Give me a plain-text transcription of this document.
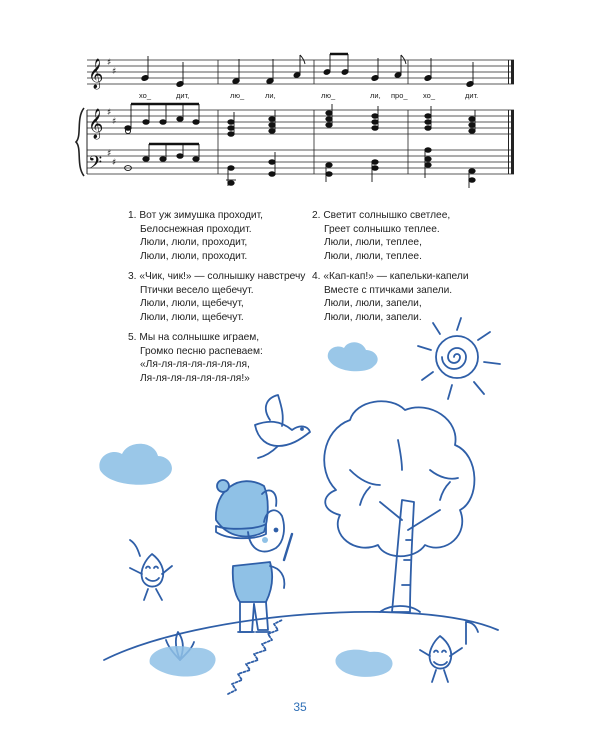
𝄞
𝄞
𝄢
♯
♯
♯
♯
♯
♯
хо_	дит,	лю_	ли,	лю_	ли, про_ хо_	дит.
1. Вот уж зимушка проходит,
Белоснежная проходит.
Люли, люли, проходит,
Люли, люли, проходит.
2. Светит солнышко светлее,
Греет солнышко теплее.
Люли, люли, теплее,
Люли, люли, теплее.
3. «Чик, чик!» — солнышку навстречу
Птички весело щебечут.
Люли, люли, щебечут,
Люли, люли, щебечут.
4. «Кап-кап!» — капельки-капели
Вместе с птичками запели.
Люли, люли, запели,
Люли, люли, запели.
5. Мы на солнышке играем,
Громко песню распеваем:
«Ля-ля-ля-ля-ля-ля-ля,
Ля-ля-ля-ля-ля-ля-ля!»
35
